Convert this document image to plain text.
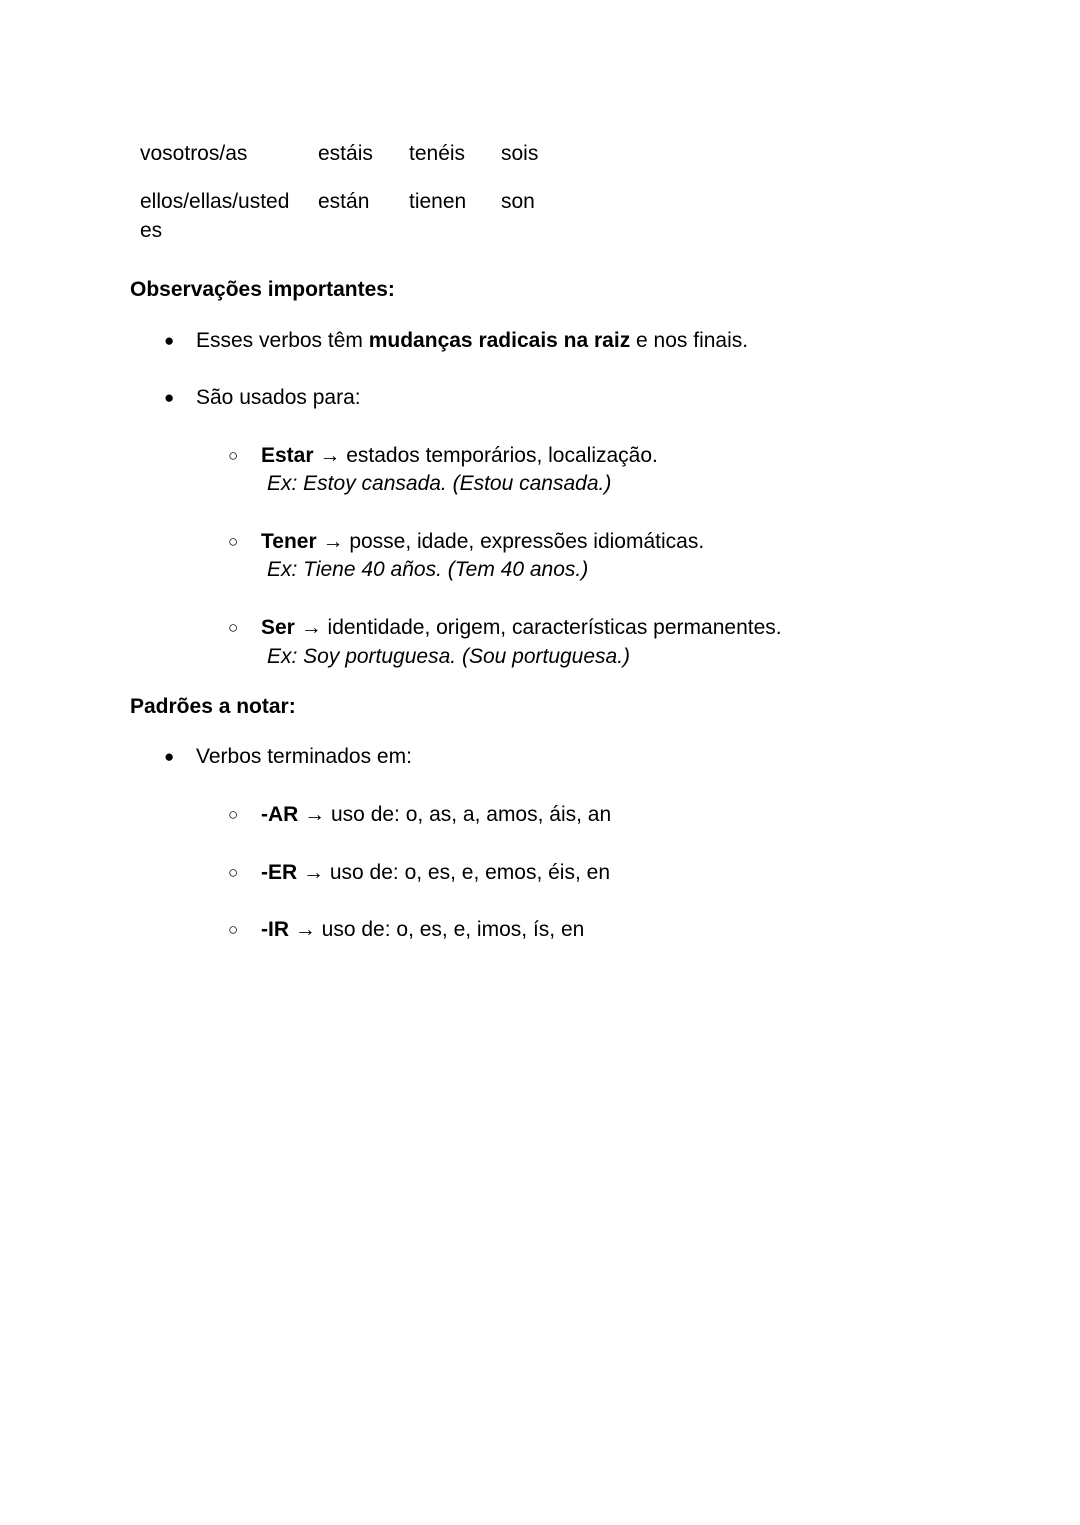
vosotros/as	estáis tenéis sois
ellos/ellas/usted
es
están tienen son
Observações importantes:
● Esses verbos têm mudanças radicais na raiz e nos finais.
● São usados para:
○ Estar → estados temporários, localização.
Ex: Estoy cansada. (Estou cansada.)
○ Tener → posse, idade, expressões idiomáticas.
Ex: Tiene 40 años. (Tem 40 anos.)
○ Ser → identidade, origem, características permanentes.
Ex: Soy portuguesa. (Sou portuguesa.)
Padrões a notar:
● Verbos terminados em:
○ -AR → uso de: o, as, a, amos, áis, an
○ -ER → uso de: o, es, e, emos, éis, en
○ -IR → uso de: o, es, e, imos, ís, en
